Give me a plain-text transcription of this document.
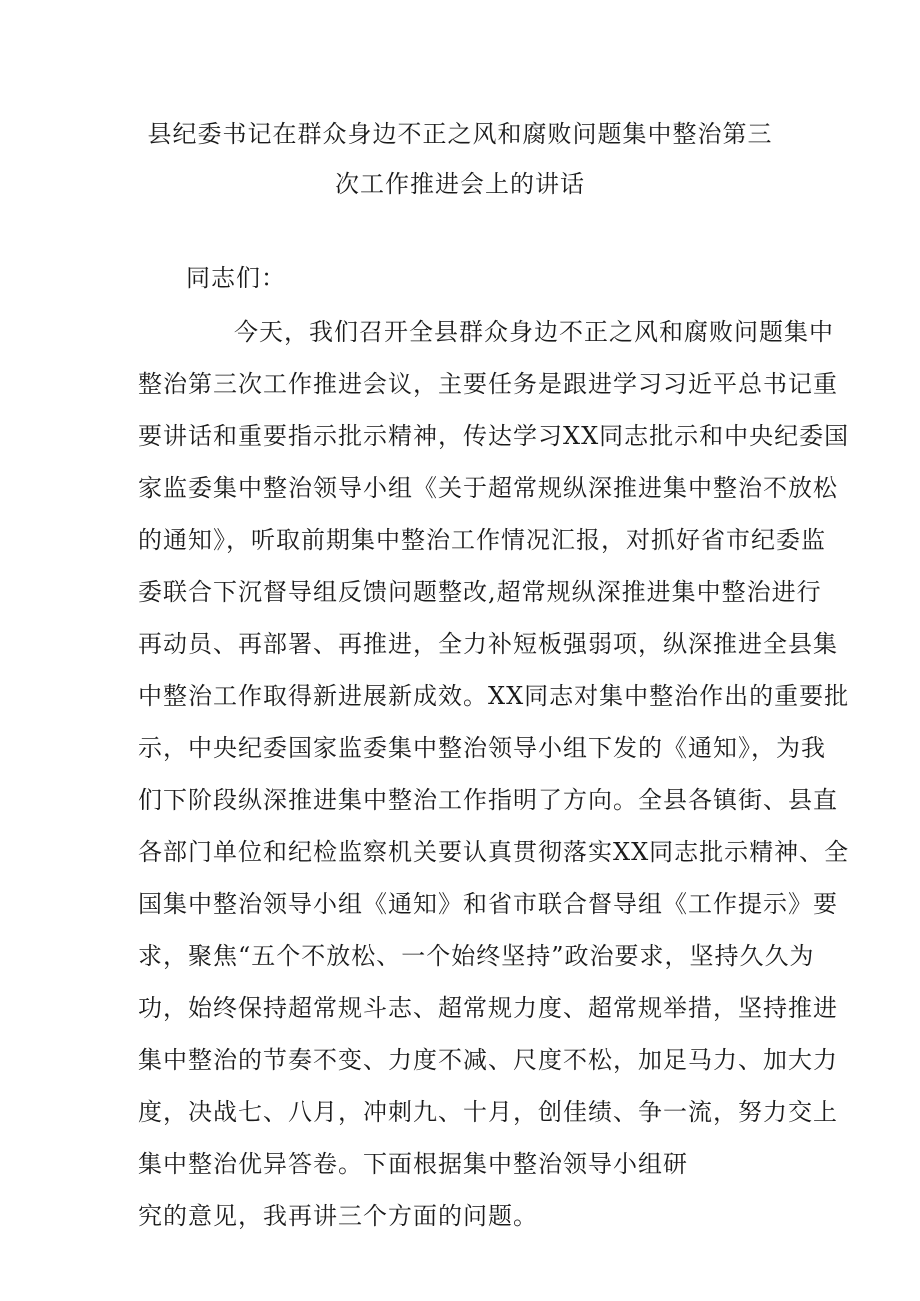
县纪委书记在群众身边不正之风和腐败问题集中整治第三
次工作推进会上的讲话
同志们：
今天，我们召开全县群众身边不正之风和腐败问题集中
整治第三次工作推进会议，主要任务是跟进学习习近平总书记重
要讲话和重要指示批示精神，传达学习XX同志批示和中央纪委国
家监委集中整治领导小组《关于超常规纵深推进集中整治不放松
的通知》，听取前期集中整治工作情况汇报，对抓好省市纪委监
委联合下沉督导组反馈问题整改,超常规纵深推进集中整治进行
再动员、再部署、再推进，全力补短板强弱项，纵深推进全县集
中整治工作取得新进展新成效。XX同志对集中整治作出的重要批
示，中央纪委国家监委集中整治领导小组下发的《通知》，为我
们下阶段纵深推进集中整治工作指明了方向。全县各镇街、县直
各部门单位和纪检监察机关要认真贯彻落实XX同志批示精神、全
国集中整治领导小组《通知》和省市联合督导组《工作提示》要
求，聚焦“五个不放松、一个始终坚持”政治要求，坚持久久为
功，始终保持超常规斗志、超常规力度、超常规举措，坚持推进
集中整治的节奏不变、力度不减、尺度不松，加足马力、加大力
度，决战七、八月，冲刺九、十月，创佳绩、争一流，努力交上
集中整治优异答卷。下面根据集中整治领导小组研
究的意见，我再讲三个方面的问题。
